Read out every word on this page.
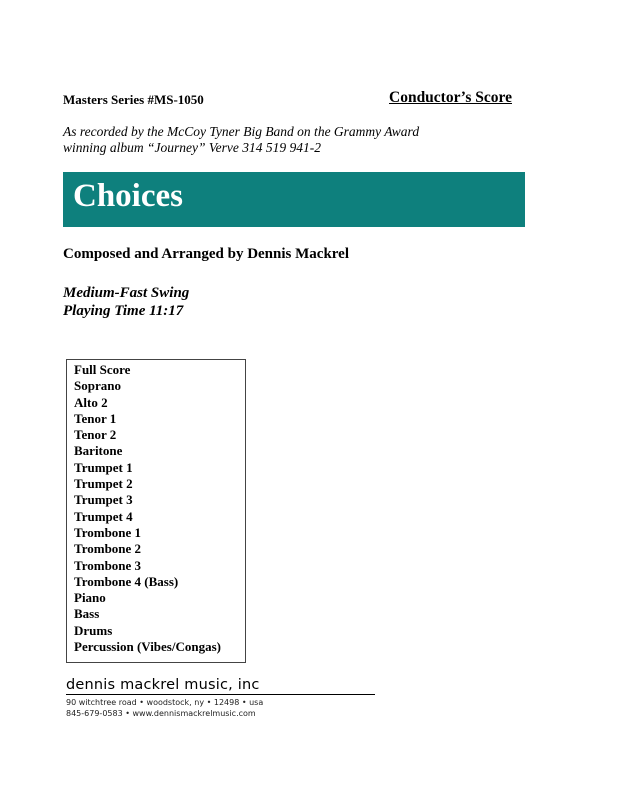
Masters Series #MS-1050	Conductor’s Score
As recorded by the McCoy Tyner Big Band on the Grammy Award
winning album “Journey” Verve 314 519 941-2
Choices
Composed and Arranged by Dennis Mackrel
Medium-Fast Swing
Playing Time 11:17
Full Score
Soprano
Alto 2
Tenor 1
Tenor 2
Baritone
Trumpet 1
Trumpet 2
Trumpet 3
Trumpet 4
Trombone 1
Trombone 2
Trombone 3
Trombone 4 (Bass)
Piano
Bass
Drums
Percussion (Vibes/Congas)
dennis mackrel music, inc
90 witchtree road • woodstock, ny • 12498 • usa
845-679-0583 • www.dennismackrelmusic.com
